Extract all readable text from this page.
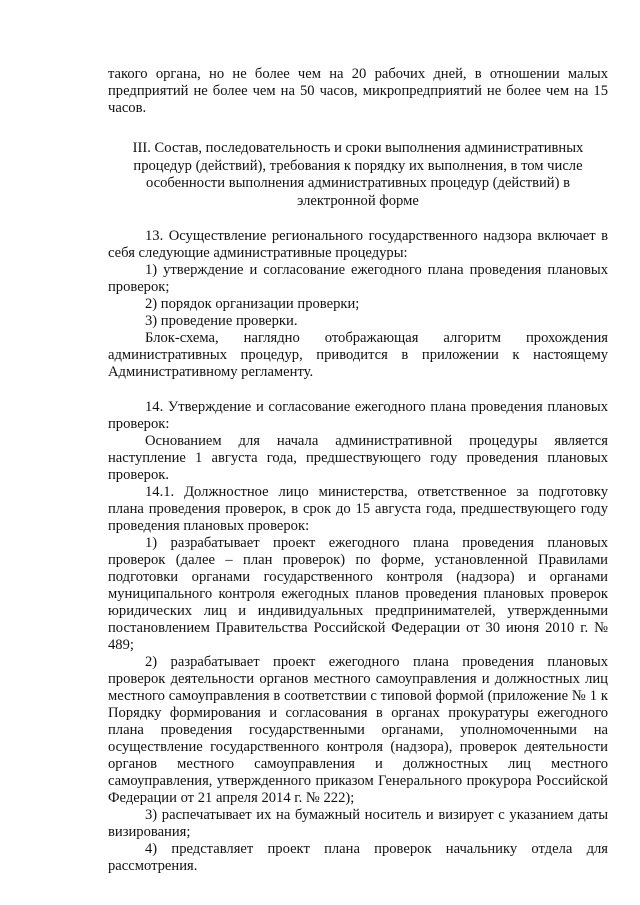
такого органа, но не более чем на 20 рабочих дней, в отношении малых предприятий не более чем на 50 часов, микропредприятий не более чем на 15 часов.

III. Состав, последовательность и сроки выполнения административных процедур (действий), требования к порядку их выполнения, в том числе особенности выполнения административных процедур (действий) в электронной форме

13. Осуществление регионального государственного надзора включает в себя следующие административные процедуры:

1) утверждение и согласование ежегодного плана проведения плановых проверок;

2) порядок организации проверки;

3) проведение проверки.

Блок-схема, наглядно отображающая алгоритм прохождения административных процедур, приводится в приложении к настоящему Административному регламенту.

14. Утверждение и согласование ежегодного плана проведения плановых проверок:

Основанием для начала административной процедуры является наступление 1 августа года, предшествующего году проведения плановых проверок.

14.1. Должностное лицо министерства, ответственное за подготовку плана проведения проверок, в срок до 15 августа года, предшествующего году проведения плановых проверок:

1) разрабатывает проект ежегодного плана проведения плановых проверок (далее – план проверок) по форме, установленной Правилами подготовки органами государственного контроля (надзора) и органами муниципального контроля ежегодных планов проведения плановых проверок юридических лиц и индивидуальных предпринимателей, утвержденными постановлением Правительства Российской Федерации от 30 июня 2010 г. № 489;

2) разрабатывает проект ежегодного плана проведения плановых проверок деятельности органов местного самоуправления и должностных лиц местного самоуправления в соответствии с типовой формой (приложение № 1 к Порядку формирования и согласования в органах прокуратуры ежегодного плана проведения государственными органами, уполномоченными на осуществление государственного контроля (надзора), проверок деятельности органов местного самоуправления и должностных лиц местного самоуправления, утвержденного приказом Генерального прокурора Российской Федерации от 21 апреля 2014 г. № 222);

3) распечатывает их на бумажный носитель и визирует с указанием даты визирования;

4) представляет проект плана проверок начальнику отдела для рассмотрения.
